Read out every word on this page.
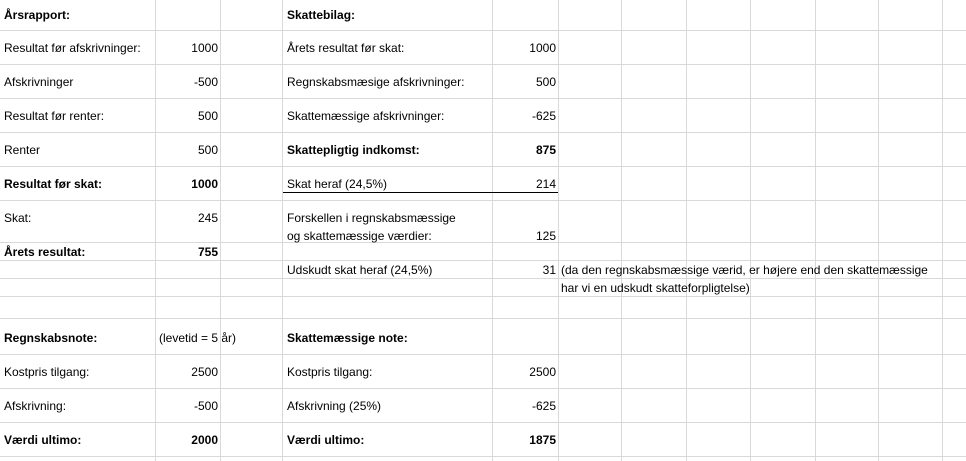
Årsrapport:
Resultat før afskrivninger:	1000
Afskrivninger	-500
Resultat før renter:	500
Renter	500
Resultat før skat:	1000
Skat:	245
Årets resultat:	755
Skattebilag:
Årets resultat før skat:	1000
Regnskabsmæsige afskrivninger:	500
Skattemæssige afskrivninger:	-625
Skattepligtig indkomst:	875
Skat heraf (24,5%)	214
Forskellen i regnskabsmæssige
og skattemæssige værdier:	125
Udskudt skat heraf (24,5%)	31 (da den regnskabsmæssige værid, er højere end den skattemæssige
har vi en udskudt skatteforpligtelse)
Regnskabsnote:	(levetid = 5 år)
Kostpris tilgang:	2500
Afskrivning:	-500
Værdi ultimo:	2000
Skattemæssige note:
Kostpris tilgang:	2500
Afskrivning (25%)	-625
Værdi ultimo:	1875
